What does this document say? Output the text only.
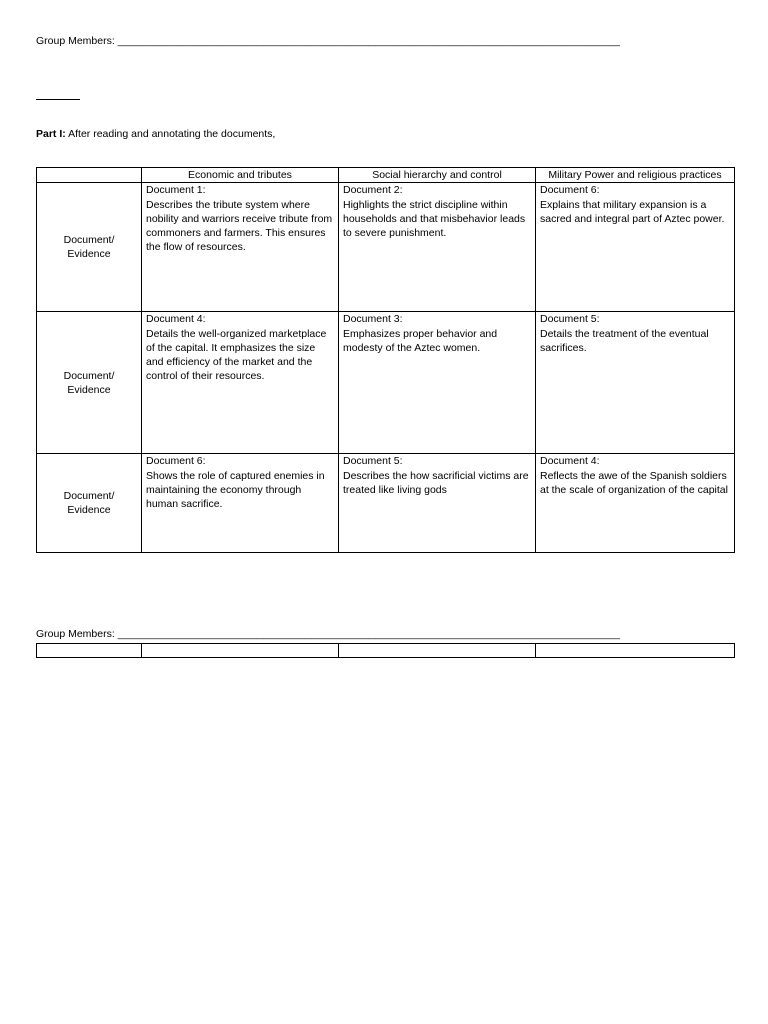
Group Members: ______________________________________________________________________________________
Part I: After reading and annotating the documents,
	Economic and tributes	Social hierarchy and control	Military Power and religious practices

Document/ Evidence	Document 1:
Describes the tribute system where nobility and warriors receive tribute from commoners and farmers. This ensures the flow of resources.	Document 2:
Highlights the strict discipline within households and that misbehavior leads to severe punishment.	Document 6:
Explains that military expansion is a sacred and integral part of Aztec power.

Document/ Evidence	Document 4:
Details the well-organized marketplace of the capital. It emphasizes the size and efficiency of the market and the control of their resources.	Document 3:
Emphasizes proper behavior and modesty of the Aztec women.	Document 5:
Details the treatment of the eventual sacrifices.

Document/ Evidence	Document 6:
Shows the role of captured enemies in maintaining the economy through human sacrifice.	Document 5:
Describes the how sacrificial victims are treated like living gods	Document 4:
Reflects the awe of the Spanish soldiers at the scale of organization of the capital
Group Members: ______________________________________________________________________________________
